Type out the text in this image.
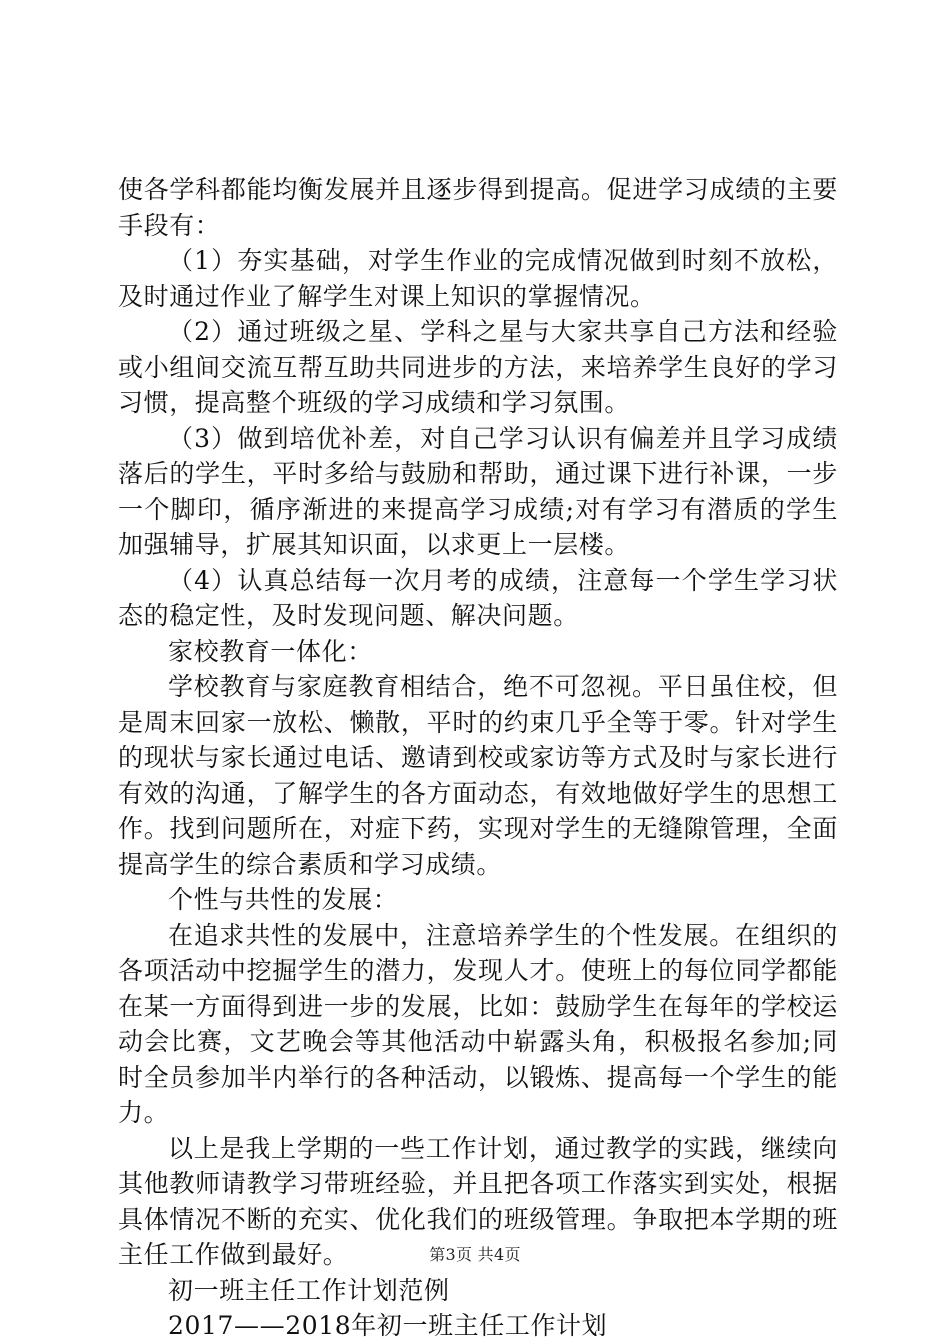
使各学科都能均衡发展并且逐步得到提高。促进学习成绩的主要手段有：

（1）夯实基础，对学生作业的完成情况做到时刻不放松，及时通过作业了解学生对课上知识的掌握情况。

（2）通过班级之星、学科之星与大家共享自己方法和经验或小组间交流互帮互助共同进步的方法，来培养学生良好的学习习惯，提高整个班级的学习成绩和学习氛围。

（3）做到培优补差，对自己学习认识有偏差并且学习成绩落后的学生，平时多给与鼓励和帮助，通过课下进行补课，一步一个脚印，循序渐进的来提高学习成绩;对有学习有潜质的学生加强辅导，扩展其知识面，以求更上一层楼。

（4）认真总结每一次月考的成绩，注意每一个学生学习状态的稳定性，及时发现问题、解决问题。

家校教育一体化：

学校教育与家庭教育相结合，绝不可忽视。平日虽住校，但是周末回家一放松、懒散，平时的约束几乎全等于零。针对学生的现状与家长通过电话、邀请到校或家访等方式及时与家长进行有效的沟通，了解学生的各方面动态，有效地做好学生的思想工作。找到问题所在，对症下药，实现对学生的无缝隙管理，全面提高学生的综合素质和学习成绩。

个性与共性的发展：

在追求共性的发展中，注意培养学生的个性发展。在组织的各项活动中挖掘学生的潜力，发现人才。使班上的每位同学都能在某一方面得到进一步的发展，比如：鼓励学生在每年的学校运动会比赛，文艺晚会等其他活动中崭露头角，积极报名参加;同时全员参加半内举行的各种活动，以锻炼、提高每一个学生的能力。

以上是我上学期的一些工作计划，通过教学的实践，继续向其他教师请教学习带班经验，并且把各项工作落实到实处，根据具体情况不断的充实、优化我们的班级管理。争取把本学期的班主任工作做到最好。

初一班主任工作计划范例

2017——2018年初一班主任工作计划

第3页 共4页
